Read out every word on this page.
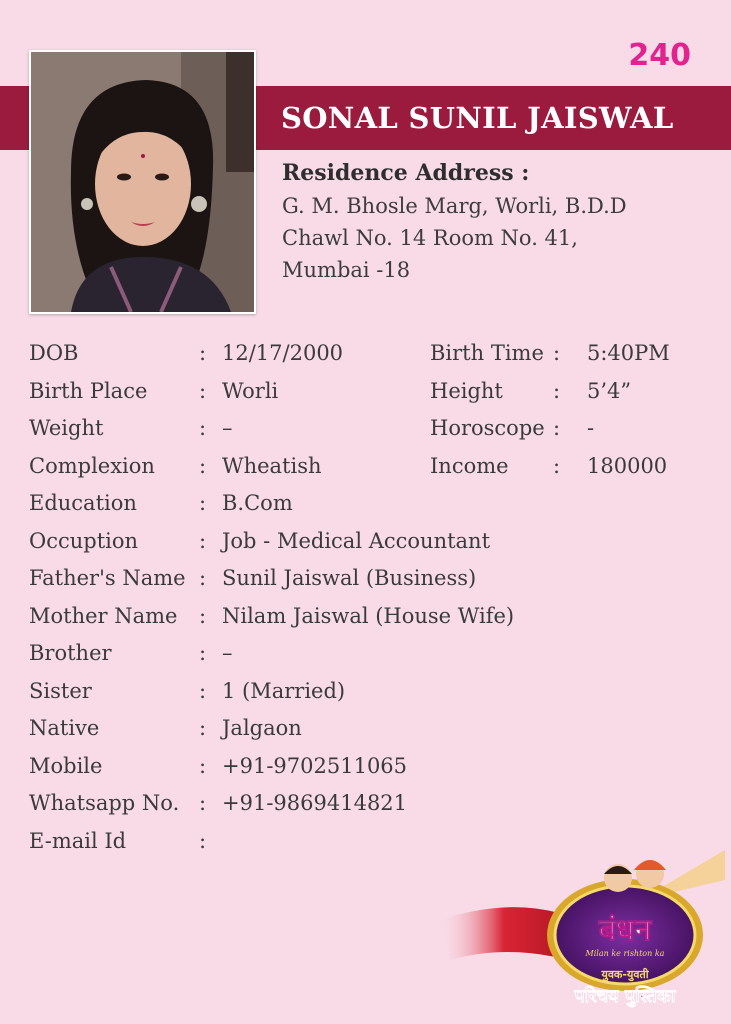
240
SONAL SUNIL JAISWAL
Residence Address :
G. M. Bhosle Marg, Worli, B.D.D
Chawl No. 14 Room No. 41,
Mumbai -18
DOB	: 12/17/2000
Birth Place : Worli
Weight	: –
Complexion : Wheatish
Education	: B.Com
Occuption	: Job - Medical Accountant
Father's Name : Sunil Jaiswal (Business)
Mother Name : Nilam Jaiswal (House Wife)
Brother	: –
Sister	: 1 (Married)
Native	: Jalgaon
Mobile	: +91-9702511065
Whatsapp No. : +91-9869414821
E-mail Id	:
Birth Time : 5:40PM
Height : 5’4”
Horoscope : -
Income : 180000
बंधन
Milan ke rishton ka
युवक-युवती
परिचय पुस्तिका
